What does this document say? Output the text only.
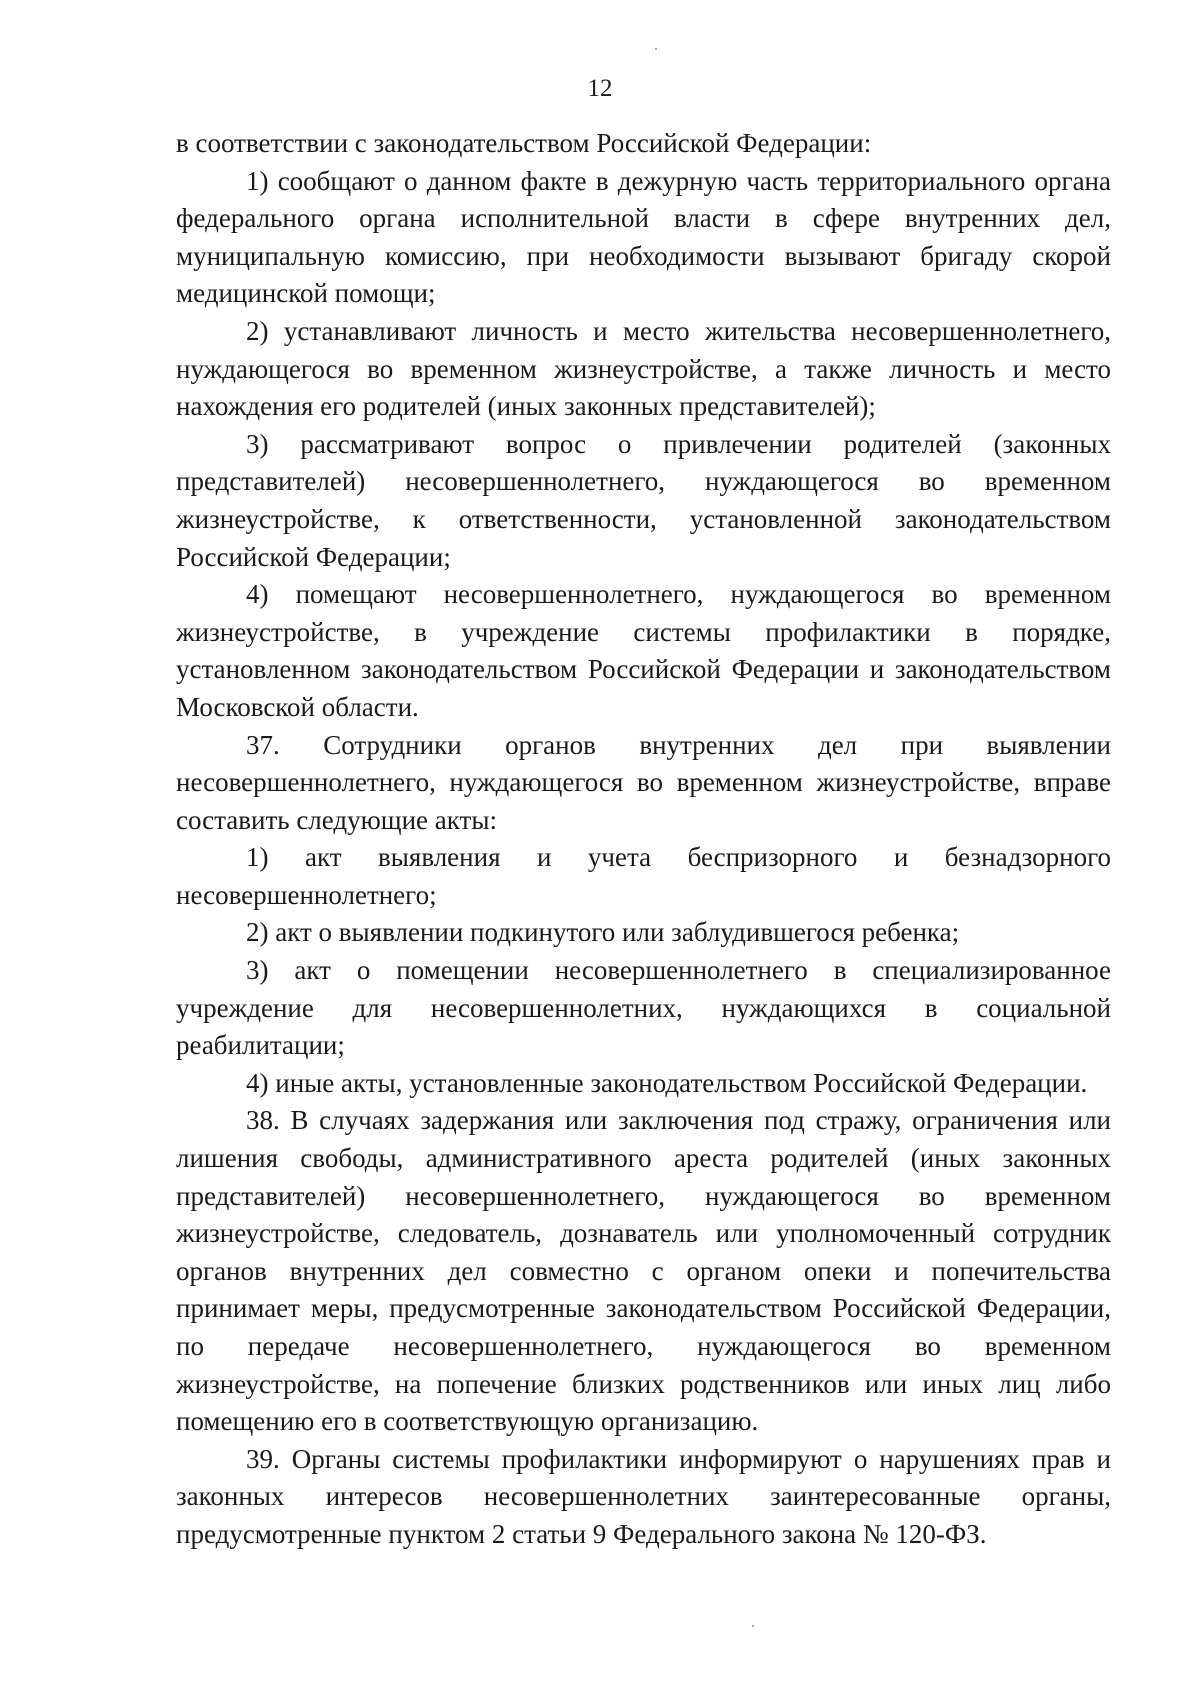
12

в соответствии с законодательством Российской Федерации:

1) сообщают о данном факте в дежурную часть территориального органа федерального органа исполнительной власти в сфере внутренних дел, муниципальную комиссию, при необходимости вызывают бригаду скорой медицинской помощи;

2) устанавливают личность и место жительства несовершеннолетнего, нуждающегося во временном жизнеустройстве, а также личность и место нахождения его родителей (иных законных представителей);

3) рассматривают вопрос о привлечении родителей (законных представителей) несовершеннолетнего, нуждающегося во временном жизнеустройстве, к ответственности, установленной законодательством Российской Федерации;

4) помещают несовершеннолетнего, нуждающегося во временном жизнеустройстве, в учреждение системы профилактики в порядке, установленном законодательством Российской Федерации и законодательством Московской области.

37. Сотрудники органов внутренних дел при выявлении несовершеннолетнего, нуждающегося во временном жизнеустройстве, вправе составить следующие акты:

1) акт выявления и учета беспризорного и безнадзорного несовершеннолетнего;

2) акт о выявлении подкинутого или заблудившегося ребенка;

3) акт о помещении несовершеннолетнего в специализированное учреждение для несовершеннолетних, нуждающихся в социальной реабилитации;

4) иные акты, установленные законодательством Российской Федерации.

38. В случаях задержания или заключения под стражу, ограничения или лишения свободы, административного ареста родителей (иных законных представителей) несовершеннолетнего, нуждающегося во временном жизнеустройстве, следователь, дознаватель или уполномоченный сотрудник органов внутренних дел совместно с органом опеки и попечительства принимает меры, предусмотренные законодательством Российской Федерации, по передаче несовершеннолетнего, нуждающегося во временном жизнеустройстве, на попечение близких родственников или иных лиц либо помещению его в соответствующую организацию.

39. Органы системы профилактики информируют о нарушениях прав и законных интересов несовершеннолетних заинтересованные органы, предусмотренные пунктом 2 статьи 9 Федерального закона № 120-ФЗ.
